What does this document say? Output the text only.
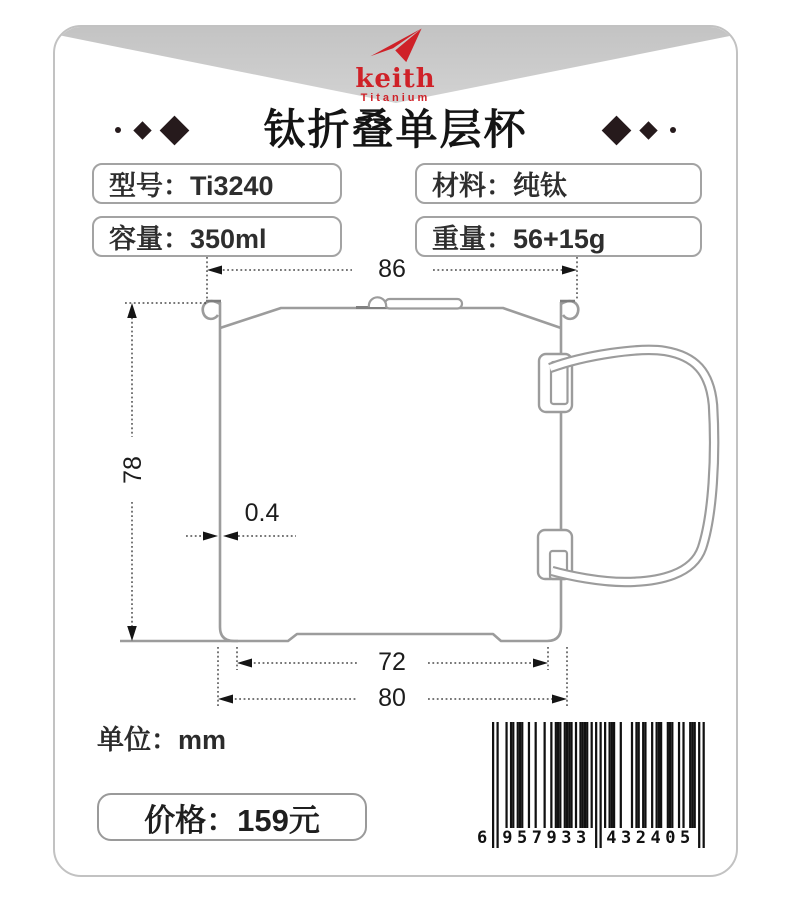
keith
Titanium
钛折叠单层杯
型号：Ti3240	材料：纯钛
容量：350ml	重量：56+15g
单位：mm
价格：159元
86
78
0.4
72
80
6 957933 432405
